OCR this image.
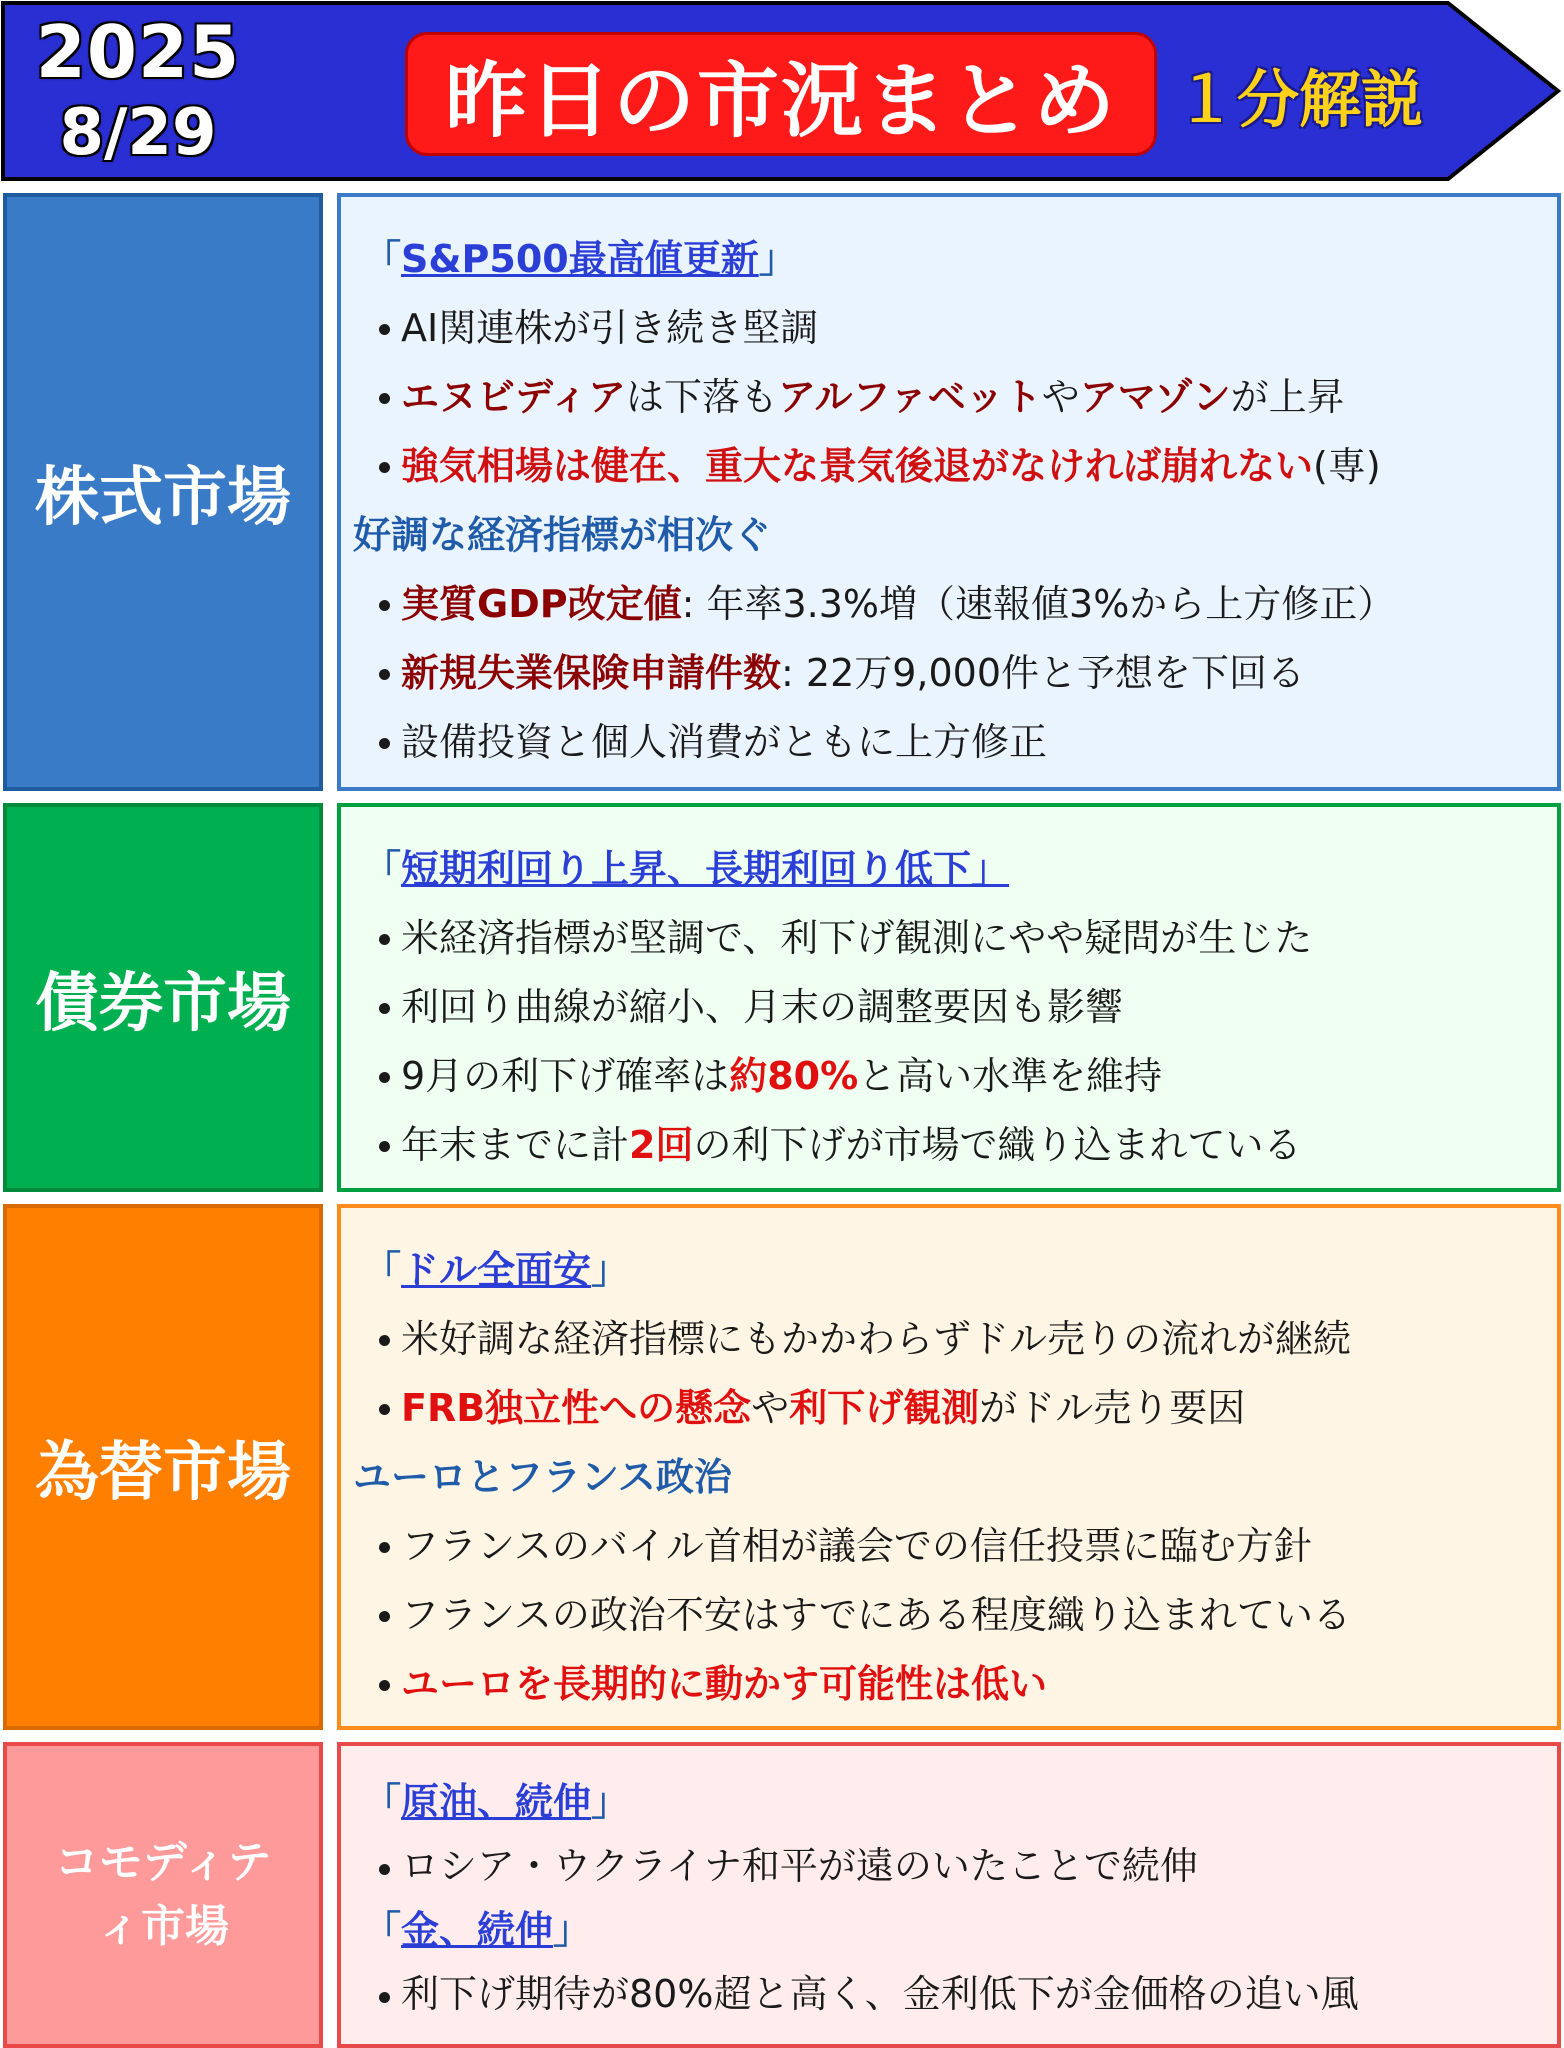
2025
8/29	昨日の市況まとめ １分解説
株式市場
「S&P500最高値更新」
AI関連株が引き続き堅調
エヌビディアは下落もアルファベットやアマゾンが上昇
強気相場は健在、重大な景気後退がなければ崩れない(専)
好調な経済指標が相次ぐ
実質GDP改定値: 年率3.3%増（速報値3%から上方修正）
新規失業保険申請件数: 22万9,000件と予想を下回る
設備投資と個人消費がともに上方修正
債券市場
「短期利回り上昇、長期利回り低下」
米経済指標が堅調で、利下げ観測にやや疑問が生じた
利回り曲線が縮小、月末の調整要因も影響
9月の利下げ確率は約80%と高い水準を維持
年末までに計2回の利下げが市場で織り込まれている
為替市場
「ドル全面安」
米好調な経済指標にもかかわらずドル売りの流れが継続
FRB独立性への懸念や利下げ観測がドル売り要因
ユーロとフランス政治
フランスのバイル首相が議会での信任投票に臨む方針
フランスの政治不安はすでにある程度織り込まれている
ユーロを長期的に動かす可能性は低い
コモディテ
ィ市場
「原油、続伸」
ロシア・ウクライナ和平が遠のいたことで続伸
「金、続伸」
利下げ期待が80%超と高く、金利低下が金価格の追い風
